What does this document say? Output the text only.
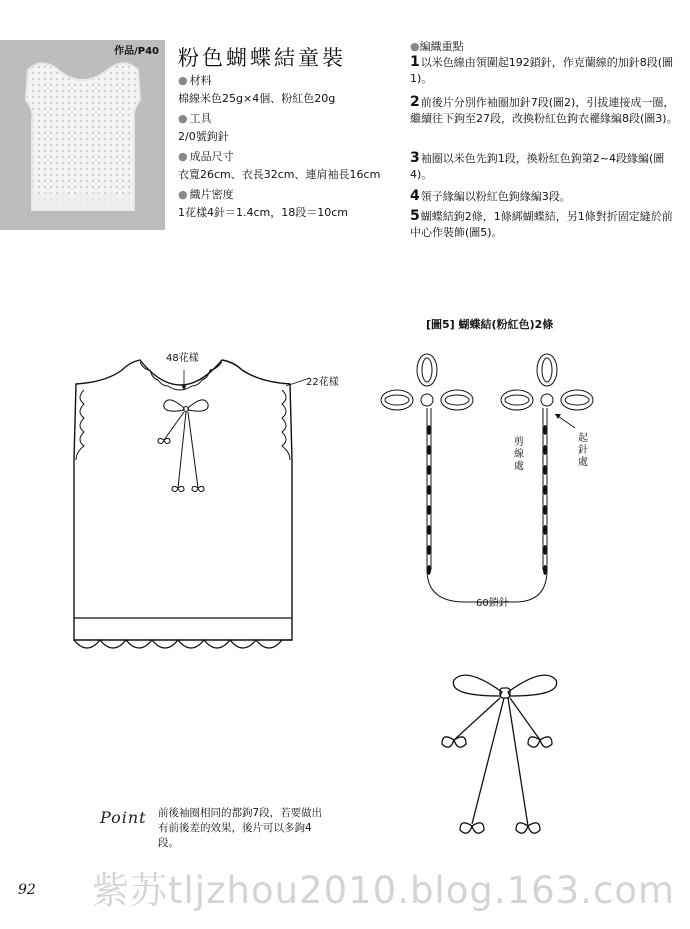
作品/P40 粉色蝴蝶結童裝
● 材料
棉線米色25g×4個、粉紅色20g
● 工具
2/0號鉤針
● 成品尺寸
衣寬26cm、衣長32cm、連肩袖長16cm
● 織片密度
1花樣4針＝1.4cm，18段＝10cm
●編織重點
1以米色線由領圍起192鎖針，作克蘭線的加針8段(圖1)。
2前後片分別作袖圈加針7段(圖2)，引拔連接成一圈，繼續往下鉤至27段，改換粉紅色鉤衣襬緣編8段(圖3)。
3袖圈以米色先鉤1段，換粉紅色鉤第2~4段緣編(圖4)。
4領子緣編以粉紅色鉤緣編3段。
5蝴蝶結鉤2條，1條綁蝴蝶結，另1條對折固定縫於前中心作裝飾(圖5)。
48花樣
22花樣
[圖5] 蝴蝶結(粉紅色)2條
剪線處
起針處
60鎖針
Point 前後袖圈相同的都鉤7段，若要做出有前後差的效果，後片可以多鉤4段。
紫苏tljzhou2010.blog.163.com
92
